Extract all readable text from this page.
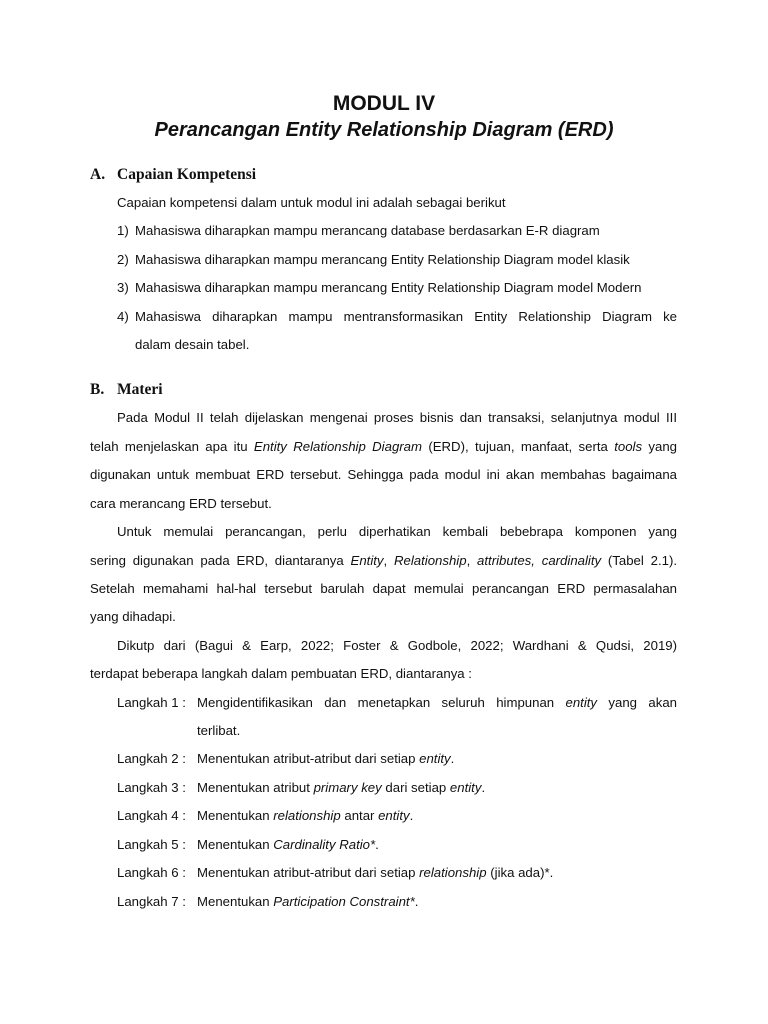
MODUL IV
Perancangan Entity Relationship Diagram (ERD)
A. Capaian Kompetensi
Capaian kompetensi dalam untuk modul ini adalah sebagai berikut
1) Mahasiswa diharapkan mampu merancang database berdasarkan E-R diagram
2) Mahasiswa diharapkan mampu merancang Entity Relationship Diagram model klasik
3) Mahasiswa diharapkan mampu merancang Entity Relationship Diagram model Modern
4) Mahasiswa diharapkan mampu mentransformasikan Entity Relationship Diagram ke
dalam desain tabel.
B. Materi
Pada Modul II telah dijelaskan mengenai proses bisnis dan transaksi, selanjutnya modul III
telah menjelaskan apa itu Entity Relationship Diagram (ERD), tujuan, manfaat, serta tools yang
digunakan untuk membuat ERD tersebut. Sehingga pada modul ini akan membahas bagaimana
cara merancang ERD tersebut.
Untuk memulai perancangan, perlu diperhatikan kembali bebebrapa komponen yang
sering digunakan pada ERD, diantaranya Entity, Relationship, attributes, cardinality (Tabel 2.1).
Setelah memahami hal-hal tersebut barulah dapat memulai perancangan ERD permasalahan
yang dihadapi.
Dikutp dari (Bagui & Earp, 2022; Foster & Godbole, 2022; Wardhani & Qudsi, 2019)
terdapat beberapa langkah dalam pembuatan ERD, diantaranya :
Langkah 1 : Mengidentifikasikan dan menetapkan seluruh himpunan entity yang akan
terlibat.
Langkah 2 : Menentukan atribut-atribut dari setiap entity.
Langkah 3 : Menentukan atribut primary key dari setiap entity.
Langkah 4 : Menentukan relationship antar entity.
Langkah 5 : Menentukan Cardinality Ratio*.
Langkah 6 : Menentukan atribut-atribut dari setiap relationship (jika ada)*.
Langkah 7 : Menentukan Participation Constraint*.
